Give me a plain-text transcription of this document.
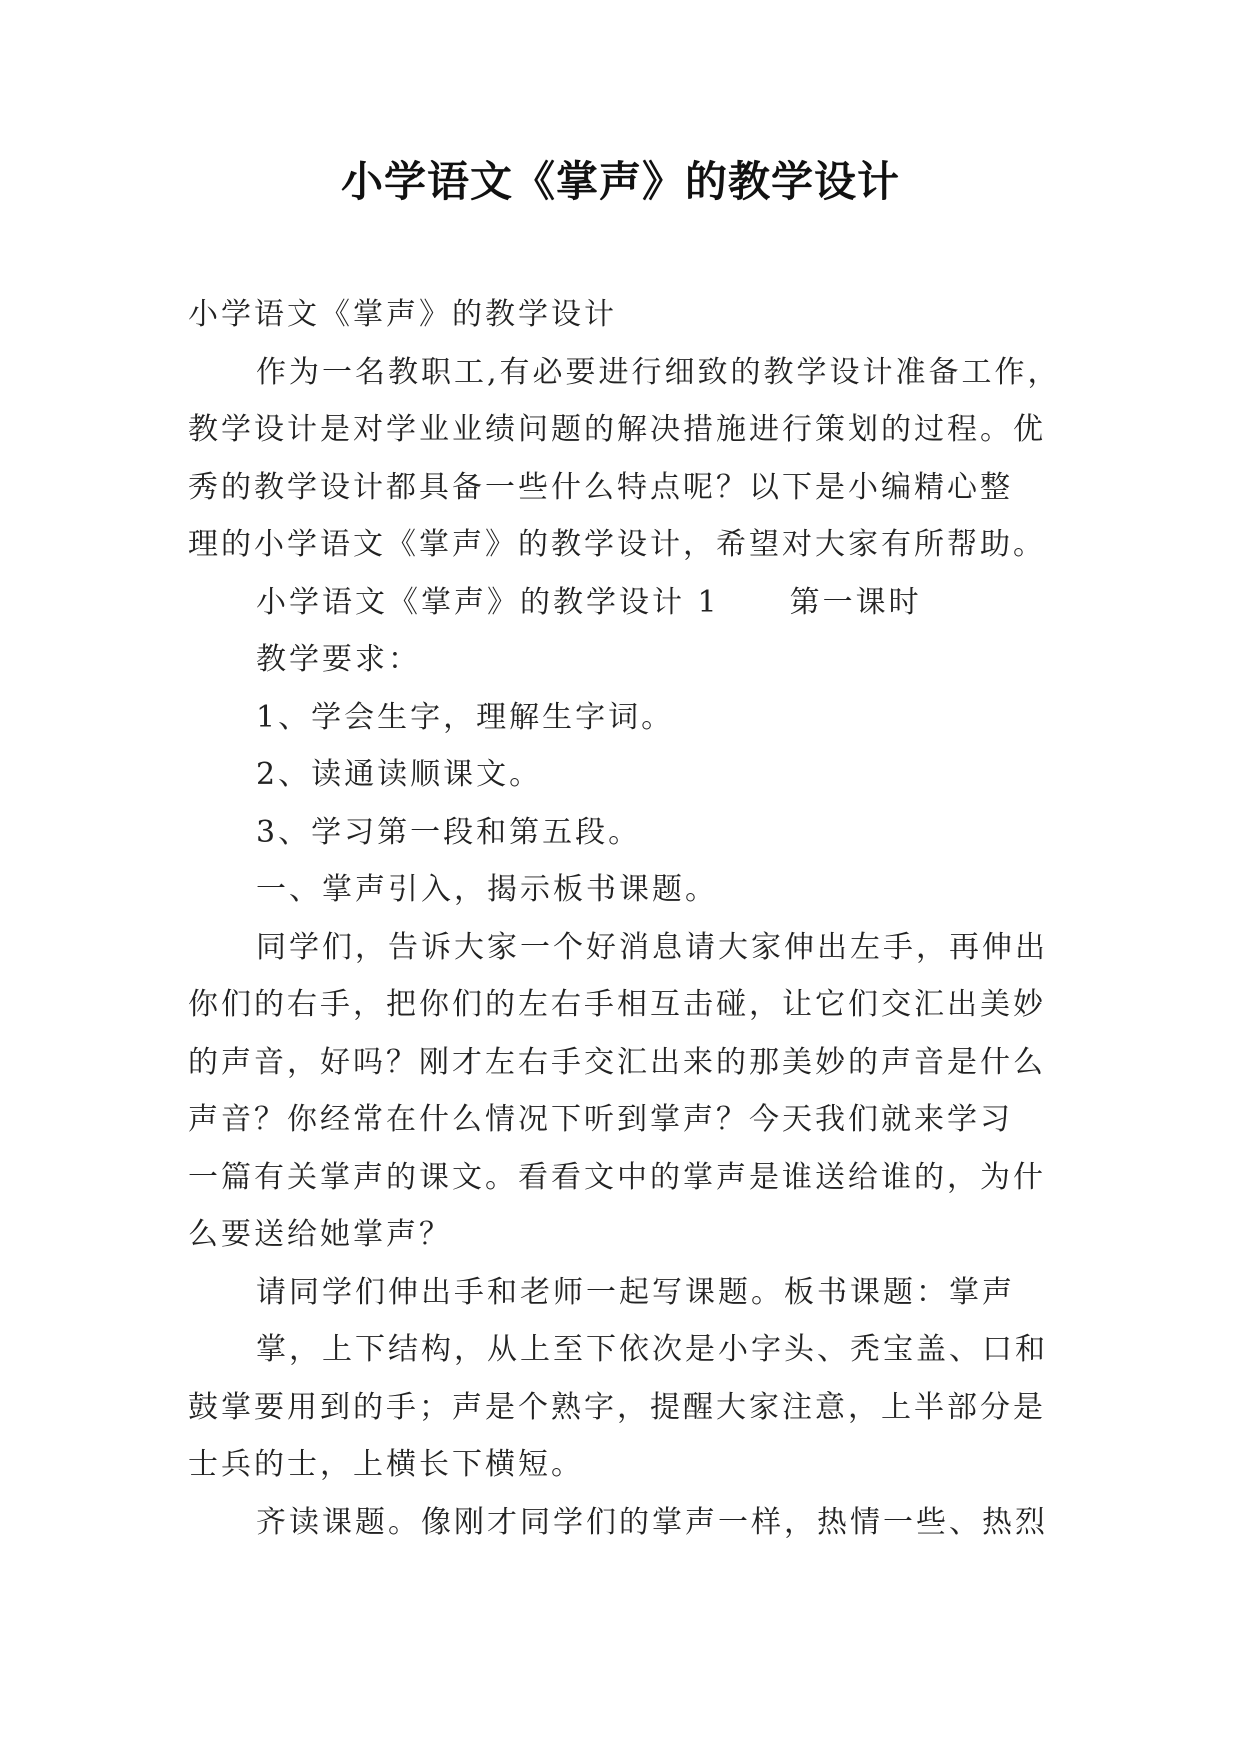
小学语文《掌声》的教学设计
小学语文《掌声》的教学设计
作为一名教职工,有必要进行细致的教学设计准备工作，
教学设计是对学业业绩问题的解决措施进行策划的过程。优
秀的教学设计都具备一些什么特点呢？以下是小编精心整
理的小学语文《掌声》的教学设计，希望对大家有所帮助。
小学语文《掌声》的教学设计 1 第一课时
教学要求：
1、学会生字，理解生字词。
2、读通读顺课文。
3、学习第一段和第五段。
一、掌声引入，揭示板书课题。
同学们，告诉大家一个好消息请大家伸出左手，再伸出
你们的右手，把你们的左右手相互击碰，让它们交汇出美妙
的声音，好吗？刚才左右手交汇出来的那美妙的声音是什么
声音？你经常在什么情况下听到掌声？今天我们就来学习
一篇有关掌声的课文。看看文中的掌声是谁送给谁的，为什
么要送给她掌声？
请同学们伸出手和老师一起写课题。板书课题：掌声
掌，上下结构，从上至下依次是小字头、秃宝盖、口和
鼓掌要用到的手；声是个熟字，提醒大家注意，上半部分是
士兵的士，上横长下横短。
齐读课题。像刚才同学们的掌声一样，热情一些、热烈
